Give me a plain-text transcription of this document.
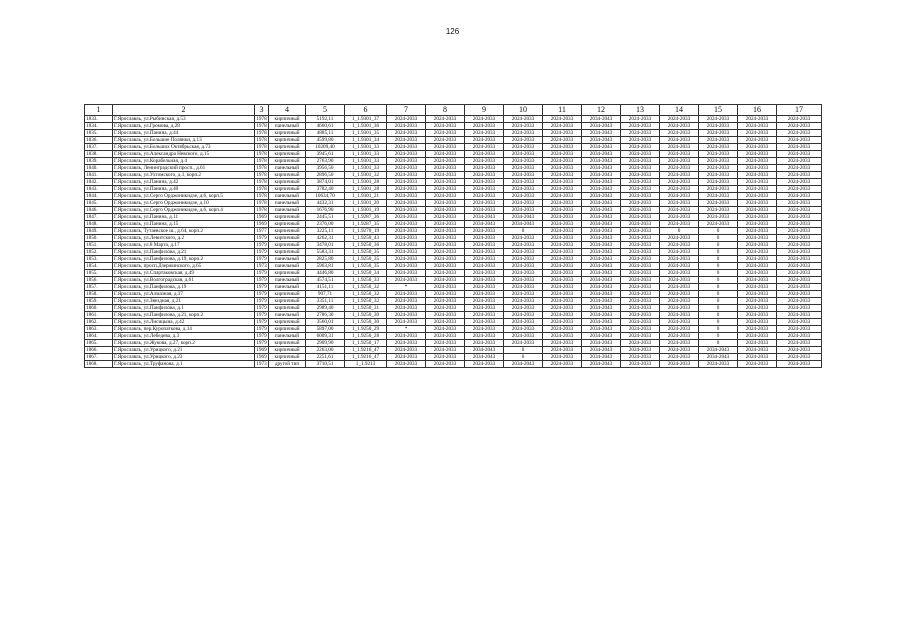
126
1	2	3	4	5	6	7	8	9	10	11	12	13	14	15	16	17
1833.	Г.Ярославль, ул.Рыбинская, д.53	1978	кирпичный	5192,11	1_1.9301_37	2024-2033	2024-2033	2024-2033	2024-2033	2024-2033	2034-2043	2024-2033	2024-2033	2024-2033	2024-2033	2024-2033
1834.	Г.Ярославль, ул.Громова, д.28	1978	панельный	4660,61	1_1.9301_36	2024-2033	2024-2033	2024-2033	2024-2033	2024-2033	2034-2043	2024-2033	2024-2033	2024-2033	2024-2033	2024-2033
1835.	Г.Ярославль, ул.Панина, д.44	1978	кирпичный	4885,11	1_1.9301_35	2024-2033	2024-2033	2024-2033	2024-2033	2024-2033	2034-2043	2024-2033	2024-2033	2024-2033	2024-2033	2024-2033
1836.	Г.Ярославль, ул.Большие Полянки, д.13	1978	кирпичный	4599,80	1_1.9301_34	2024-2033	2024-2033	2024-2033	2024-2033	2024-2033	2034-2043	2024-2033	2024-2033	2024-2033	2024-2033	2024-2033
1837.	Г.Ярославль, ул.Больших Октябрьская, д.73	1978	кирпичный	10209,40	1_1.9301_33	2024-2033	2024-2033	2024-2033	2024-2033	2024-2033	2034-2043	2024-2033	2024-2033	2024-2033	2024-2033	2024-2033
1838.	Г.Ярославль, ул.Александра Невского, д.15	1978	кирпичный	3945,61	1_1.9301_33	2024-2033	2024-2033	2024-2033	2024-2033	2024-2033	2034-2043	2024-2033	2024-2033	2024-2033	2024-2033	2024-2033
1839.	Г.Ярославль, ул.Корабельная, д.4	1978	кирпичный	2763,90	1_1.9301_33	2024-2033	2024-2033	2024-2033	2024-2033	2024-2033	2034-2043	2024-2033	2024-2033	2024-2033	2024-2033	2024-2033
1840.	Г.Ярославль, Ленинградский просп., д.61	1978	панельный	3956,50	1_1.9301_33	2024-2033	2024-2033	2024-2033	2024-2033	2024-2033	2034-2043	2024-2033	2024-2033	2024-2033	2024-2033	2024-2033
1841.	Г.Ярославль, ул.Ухтомского, д.1, корп.2	1978	кирпичный	2896,50	1_1.9301_32	2024-2033	2024-2033	2024-2033	2024-2033	2024-2033	2034-2043	2024-2033	2024-2033	2024-2033	2024-2033	2024-2033
1842.	Г.Ярославль, ул.Панина, д.42	1978	кирпичный	3874,01	1_1.9301_28	2024-2033	2024-2033	2024-2033	2024-2033	2024-2033	2034-2043	2024-2033	2024-2033	2024-2033	2024-2033	2024-2033
1843.	Г.Ярославль, ул.Панина, д.40	1978	кирпичный	3782,40	1_1.9301_28	2024-2033	2024-2033	2024-2033	2024-2033	2024-2033	2034-2043	2024-2033	2024-2033	2024-2033	2024-2033	2024-2033
1844.	Г.Ярославль, ул.Серго Орджоникидзе, д.6, корп.5	1978	панельный	10634,70	1_1.9301_21	2024-2033	2024-2033	2024-2033	2024-2033	2024-2033	2034-2043	2024-2033	2024-2033	2024-2033	2024-2033	2024-2033
1845.	Г.Ярославль, ул.Серго Орджоникидзе, д.10	1978	панельный	4432,31	1_1.9301_20	2024-2033	2024-2033	2024-2033	2024-2033	2024-2033	2034-2043	2024-2033	2024-2033	2024-2033	2024-2033	2024-2033
1846.	Г.Ярославль, ул.Серго Орджоникидзе, д.6, корп.4	1978	панельный	1676,90	1_1.9301_19	2024-2033	2024-2033	2024-2033	2024-2033	2024-2033	2034-2043	2024-2033	2024-2033	2024-2033	2024-2033	2024-2033
1847.	Г.Ярославль, ул.Панина, д.11	1969	кирпичный	2445,51	1_1.9287_36	2024-2033	2024-2033	2034-2043	2034-2043	2024-2033	2034-2043	2024-2033	2024-2033	2024-2033	2024-2033	2024-2033
1848.	Г.Ярославль, ул.Панина, д.15	1969	кирпичный	2376,00	1_1.9287_35	2024-2033	2024-2033	2034-2043	2034-2043	2024-2033	2034-2043	2024-2033	2024-2033	2024-2033	2024-2033	2024-2033
1849.	Г.Ярославль, Тутаевское ш., д.64, корп.2	1977	кирпичный	3225,11	1_1.9270_19	2024-2033	2024-2033	2024-2033	0	2024-2033	2034-2043	2024-2033	0	0	2024-2033	2024-2033
1850.	Г.Ярославль, ул.Левитского, д.2	1979	кирпичный	4262,31	1_1.9250_43	2024-2033	2024-2033	2024-2033	2024-2033	2024-2033	2034-2043	2024-2033	2024-2033	0	2024-2033	2024-2033
1851.	Г.Ярославль, ул.8 Марта, д.17	1979	кирпичный	3478,01	1_1.9250_36	2024-2033	2024-2033	2024-2033	2024-2033	2024-2033	2034-2043	2024-2033	2024-2033	0	2024-2033	2024-2033
1852.	Г.Ярославль, ул.Панфилова, д.21	1979	кирпичный	5583,31	1_1.9250_35	2024-2033	2024-2033	2024-2033	2024-2033	2024-2033	2034-2043	2024-2033	2024-2033	0	2024-2033	2024-2033
1853.	Г.Ярославль, ул.Панфилова, д.19, корп.2	1979	панельный	2825,80	1_1.9250_35	2024-2033	2024-2033	2024-2033	2024-2033	2024-2033	2034-2043	2024-2033	2024-2033	0	2024-2033	2024-2033
1854.	Г.Ярославль, просп.Дзержинского, д.65	1973	панельный	5963,81	1_1.9250_35	2024-2033	2024-2033	2024-2033	2024-2033	2024-2033	2034-2043	2024-2033	2024-2033	0	2024-2033	2024-2033
1855.	Г.Ярославль, ул.Спартаковская, д.49	1979	кирпичный	4446,80	1_1.9250_34	2024-2033	2024-2033	2024-2033	2024-2033	2024-2033	2034-2043	2024-2033	2024-2033	0	2024-2033	2024-2033
1856.	Г.Ярославль, ул.Волгоградская, д.61	1979	панельный	4574,51	1_1.9250_33	2024-2033	2024-2033	2024-2033	2024-2033	2024-2033	2034-2043	2024-2033	2024-2033	0	2024-2033	2024-2033
1857.	Г.Ярославль, ул.Панфилова, д.19	1979	панельный	4151,11	1_1.9250_32	*	2024-2033	2024-2033	2024-2033	2024-2033	2034-2043	2024-2033	2024-2033	0	2024-2033	2024-2033
1858.	Г.Ярославль, ул.Алмазная, д.37	1979	кирпичный	907,71	1_1.9250_32	2024-2033	2024-2033	2024-2033	2024-2033	2024-2033	2034-2043	2024-2033	2024-2033	0	2024-2033	2024-2033
1859.	Г.Ярославль, ул.Звездная, д.21	1979	кирпичный	3351,11	1_1.9250_32	2024-2033	2024-2033	2024-2033	2024-2033	2024-2033	2034-2043	2024-2033	2024-2033	0	2024-2033	2024-2033
1860.	Г.Ярославль, ул.Панфилова, д.1	1979	кирпичный	2989,40	1_1.9250_31	2024-2033	2024-2033	2024-2033	2024-2033	2024-2033	2034-2043	2024-2033	2024-2033	0	2024-2033	2024-2033
1861.	Г.Ярославль, ул.Панфилова, д.21, корп.2	1979	панельный	2786,30	1_1.9250_30	2024-2033	2024-2033	2024-2033	2024-2033	2024-2033	2034-2043	2024-2033	2024-2033	0	2024-2033	2024-2033
1862.	Г.Ярославль, ул.Лисицына, д.42	1979	кирпичный	3560,01	1_1.9250_30	2024-2033	2024-2033	2024-2033	2024-2033	2024-2033	2034-2043	2024-2033	2024-2033	0	2024-2033	2024-2033
1863.	Г.Ярославль, пер.Куропаткова, д.14	1979	кирпичный	5897,00	1_1.9250_29	*	2024-2033	2024-2033	2024-2033	2024-2033	2034-2043	2024-2033	2024-2033	0	2024-2033	2024-2033
1864.	Г.Ярославль, ул.Лебедева, д.3	1979	панельный	6009,31	1_1.9250_28	2024-2033	2024-2033	2024-2033	2024-2033	2024-2033	2034-2043	2024-2033	2024-2033	0	2024-2033	2024-2033
1865.	Г.Ярославль, ул.Жукова, д.27, корп.2	1979	кирпичный	2909,90	1_1.9250_17	2024-2033	2024-2033	2024-2033	2024-2033	2024-2033	2034-2043	2024-2033	2024-2033	0	2024-2033	2024-2033
1866.	Г.Ярославль, ул.Урицкого, д.21	1969	кирпичный	2263,00	1_1.9216_47	2024-2033	2024-2033	2034-2043	0	2024-2033	2034-2043	2024-2033	2024-2033	2034-2043	2024-2033	2024-2033
1867.	Г.Ярославль, ул.Урицкого, д.23	1969	кирпичный	2251,61	1_1.9216_47	2024-2033	2024-2033	2034-2043	0	2024-2033	2034-2043	2024-2033	2024-2033	2034-2043	2024-2033	2024-2033
1868.	Г.Ярославль, ул.Труфанова, д.1	1973	другой тип	3710,51	1_1.9213	2024-2033	2024-2033	2024-2033	2034-2043	2024-2033	2034-2043	2024-2033	2024-2033	2024-2033	2024-2033	2024-2033
